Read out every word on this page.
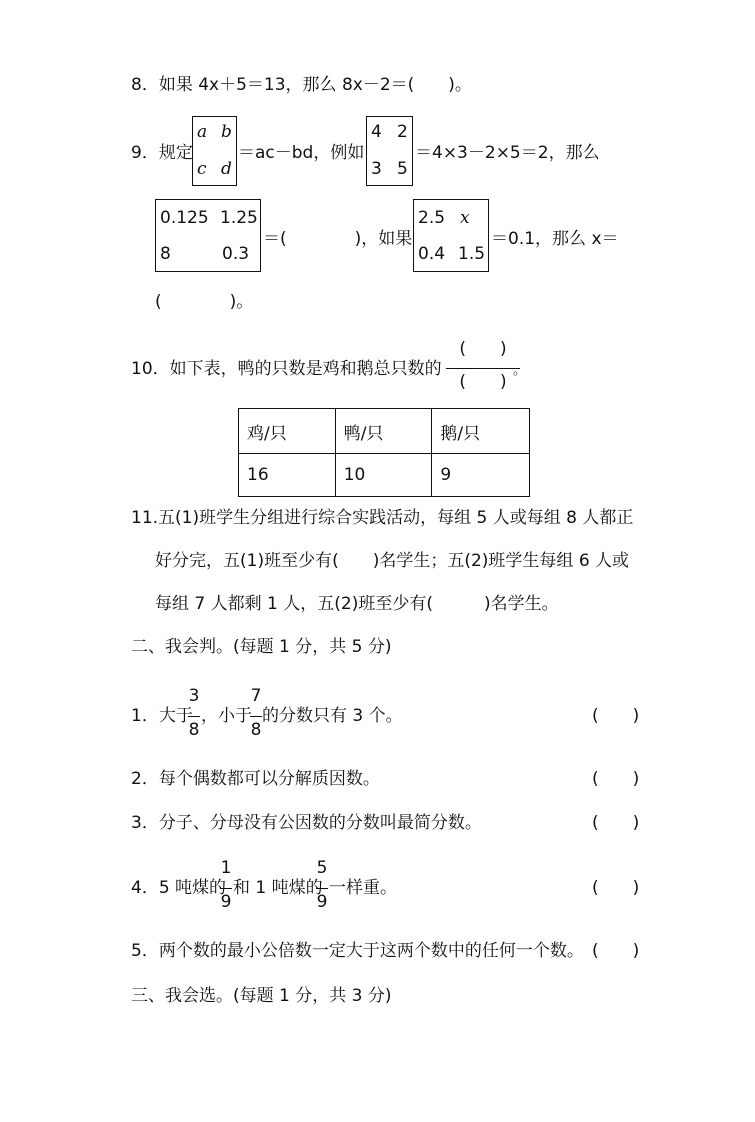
8．如果 4x＋5＝13，那么 8x－2＝(　　)。
9．规定
a b
c d
＝ac－bd，例如
4 2
3 5
＝4×3－2×5＝2，那么
0.125 1.25
8	0.3
＝(　　　　)，如果
2.5 x
0.4 1.5
＝0.1，那么 x＝
(　　　　)。
10．如下表，鸭的只数是鸡和鹅总只数的
(　　)
(　　)
。
鸡/只	鸭/只	鹅/只
16	10	9
11.五(1)班学生分组进行综合实践活动，每组 5 人或每组 8 人都正
好分完，五(1)班至少有(　　)名学生；五(2)班学生每组 6 人或
每组 7 人都剩 1 人，五(2)班至少有(　　　)名学生。
二、我会判。(每题 1 分，共 5 分)
1．大于
3
8
，小于
7
8
的分数只有 3 个。	(　　)
2．每个偶数都可以分解质因数。	(　　)
3．分子、分母没有公因数的分数叫最简分数。	(　　)
4．5 吨煤的
1
9
和 1 吨煤的
5
9
一样重。	(　　)
5．两个数的最小公倍数一定大于这两个数中的任何一个数。 (　　)
三、我会选。(每题 1 分，共 3 分)
